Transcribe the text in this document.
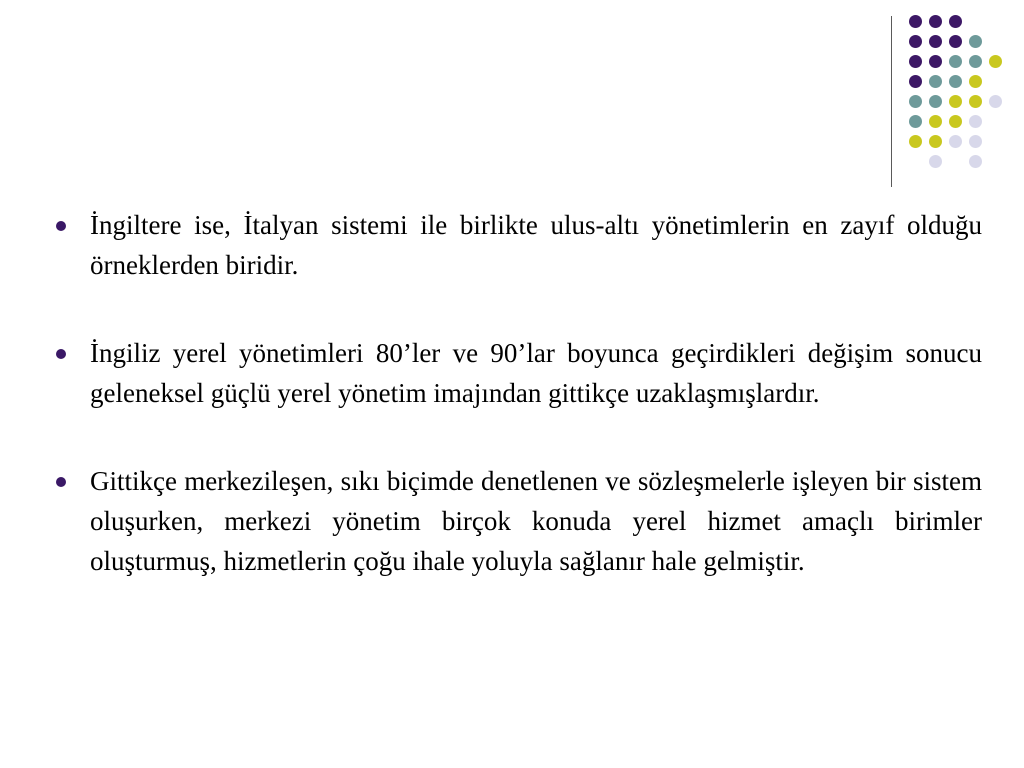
İngiltere ise, İtalyan sistemi ile birlikte ulus-altı yönetimlerin en zayıf olduğu örneklerden biridir.
İngiliz yerel yönetimleri 80’ler ve 90’lar boyunca geçirdikleri değişim sonucu geleneksel güçlü yerel yönetim imajından gittikçe uzaklaşmışlardır.
Gittikçe merkezileşen, sıkı biçimde denetlenen ve sözleşmelerle işleyen bir sistem oluşurken, merkezi yönetim birçok konuda yerel hizmet amaçlı birimler oluşturmuş, hizmetlerin çoğu ihale yoluyla sağlanır hale gelmiştir.
